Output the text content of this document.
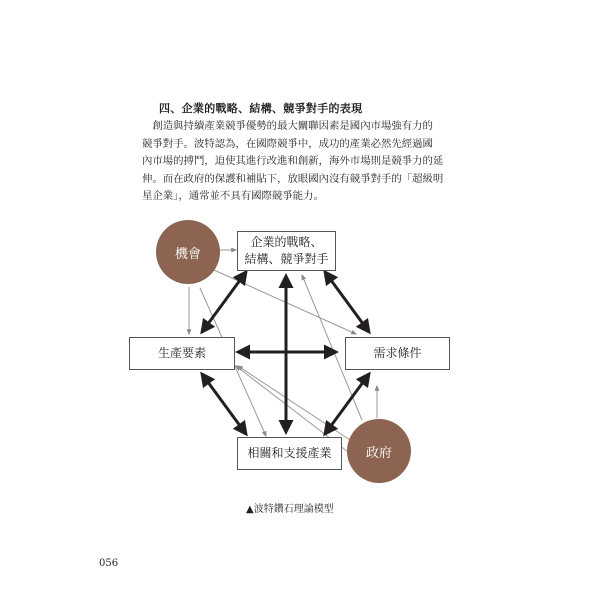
四、企業的戰略、結構、競爭對手的表現
　創造與持續產業競爭優勢的最大關聯因素是國內市場強有力的
競爭對手。波特認為，在國際競爭中，成功的產業必然先經過國
內市場的搏鬥，迫使其進行改進和創新，海外市場則是競爭力的延
伸。而在政府的保護和補貼下，放眼國內沒有競爭對手的「超級明
星企業」，通常並不具有國際競爭能力。
企業的戰略、
結構、競爭對手
生產要素	需求條件
相關和支援產業
機會
政府
▲波特鑽石理論模型
056
